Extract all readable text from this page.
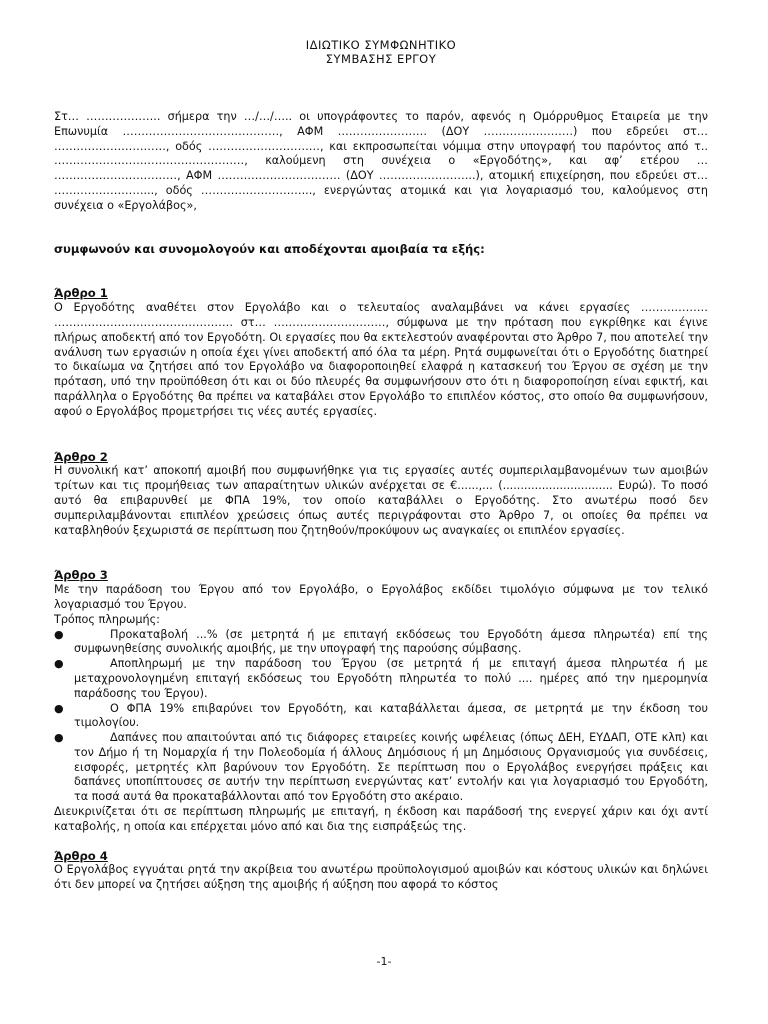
ΙΔΙΩΤΙΚΟ ΣΥΜΦΩΝΗΤΙΚΟ
ΣΥΜΒΑΣΗΣ ΕΡΓΟΥ

Στ… ……………….. σήμερα την …/…/….. οι υπογράφοντες το παρόν, αφενός η Ομόρρυθμος Εταιρεία με την Επωνυμία ……………………………………, ΑΦΜ …………………… (ΔΟΥ ……………………) που εδρεύει στ… …………………………, οδός …………………………, και εκπροσωπείται νόμιμα στην υπογραφή του παρόντος από τ.. ……………………………………………, καλούμενη στη συνέχεια ο «Εργοδότης», και αφ’ ετέρου … ……………………………, ΑΦΜ …………………………… (ΔΟΥ ……………………..), ατομική επιχείρηση, που εδρεύει στ… ……………………..., οδός ………………………..., ενεργώντας ατομικά και για λογαριασμό του, καλούμενος στη συνέχεια ο «Εργολάβος»,

συμφωνούν και συνομολογούν και αποδέχονται αμοιβαία τα εξής:

Άρθρο 1

Ο Εργοδότης αναθέτει στον Εργολάβο και ο τελευταίος αναλαμβάνει να κάνει εργασίες ……………… ………………………………………… στ… …………………………, σύμφωνα με την πρόταση που εγκρίθηκε και έγινε πλήρως αποδεκτή από τον Εργοδότη. Οι εργασίες που θα εκτελεστούν αναφέρονται στο Άρθρο 7, που αποτελεί την ανάλυση των εργασιών η οποία έχει γίνει αποδεκτή από όλα τα μέρη. Ρητά συμφωνείται ότι ο Εργοδότης διατηρεί το δικαίωμα να ζητήσει από τον Εργολάβο να διαφοροποιηθεί ελαφρά η κατασκευή του Έργου σε σχέση με την πρόταση, υπό την προϋπόθεση ότι και οι δύο πλευρές θα συμφωνήσουν στο ότι η διαφοροποίηση είναι εφικτή, και παράλληλα ο Εργοδότης θα πρέπει να καταβάλει στον Εργολάβο το επιπλέον κόστος, στο οποίο θα συμφωνήσουν, αφού ο Εργολάβος προμετρήσει τις νέες αυτές εργασίες.

Άρθρο 2

Η συνολική κατ’ αποκοπή αμοιβή που συμφωνήθηκε για τις εργασίες αυτές συμπεριλαμβανομένων των αμοιβών τρίτων και τις προμήθειας των απαραίτητων υλικών ανέρχεται σε €......,... (............................... Ευρώ). Το ποσό αυτό θα επιβαρυνθεί με ΦΠΑ 19%, τον οποίο καταβάλλει ο Εργοδότης. Στο ανωτέρω ποσό δεν συμπεριλαμβάνονται επιπλέον χρεώσεις όπως αυτές περιγράφονται στο Άρθρο 7, οι οποίες θα πρέπει να καταβληθούν ξεχωριστά σε περίπτωση που ζητηθούν/προκύψουν ως αναγκαίες οι επιπλέον εργασίες.

Άρθρο 3

Με την παράδοση του Έργου από τον Εργολάβο, ο Εργολάβος εκδίδει τιμολόγιο σύμφωνα με τον τελικό λογαριασμό του Έργου.

Τρόπος πληρωμής:

●	Προκαταβολή ...% (σε μετρητά ή με επιταγή εκδόσεως του Εργοδότη άμεσα πληρωτέα) επί της συμφωνηθείσης συνολικής αμοιβής, με την υπογραφή της παρούσης σύμβασης.
●	Αποπληρωμή με την παράδοση του Έργου (σε μετρητά ή με επιταγή άμεσα πληρωτέα ή με μεταχρονολογημένη επιταγή εκδόσεως του Εργοδότη πληρωτέα το πολύ .... ημέρες από την ημερομηνία παράδοσης του Έργου).
●	Ο ΦΠΑ 19% επιβαρύνει τον Εργοδότη, και καταβάλλεται άμεσα, σε μετρητά με την έκδοση του τιμολογίου.
●	Δαπάνες που απαιτούνται από τις διάφορες εταιρείες κοινής ωφέλειας (όπως ΔΕΗ, ΕΥΔΑΠ, ΟΤΕ κλπ) και τον Δήμο ή τη Νομαρχία ή την Πολεοδομία ή άλλους Δημόσιους ή μη Δημόσιους Οργανισμούς για συνδέσεις, εισφορές, μετρητές κλπ βαρύνουν τον Εργοδότη. Σε περίπτωση που ο Εργολάβος ενεργήσει πράξεις και δαπάνες υποπίπτουσες σε αυτήν την περίπτωση ενεργώντας κατ’ εντολήν και για λογαριασμό του Εργοδότη, τα ποσά αυτά θα προκαταβάλλονται από τον Εργοδότη στο ακέραιο.

Διευκρινίζεται ότι σε περίπτωση πληρωμής με επιταγή, η έκδοση και παράδοσή της ενεργεί χάριν και όχι αντί καταβολής, η οποία και επέρχεται μόνο από και δια της εισπράξεώς της.

Άρθρο 4

Ο Εργολάβος εγγυάται ρητά την ακρίβεια του ανωτέρω προϋπολογισμού αμοιβών και κόστους υλικών και δηλώνει ότι δεν μπορεί να ζητήσει αύξηση της αμοιβής ή αύξηση που αφορά το κόστος

-1-
